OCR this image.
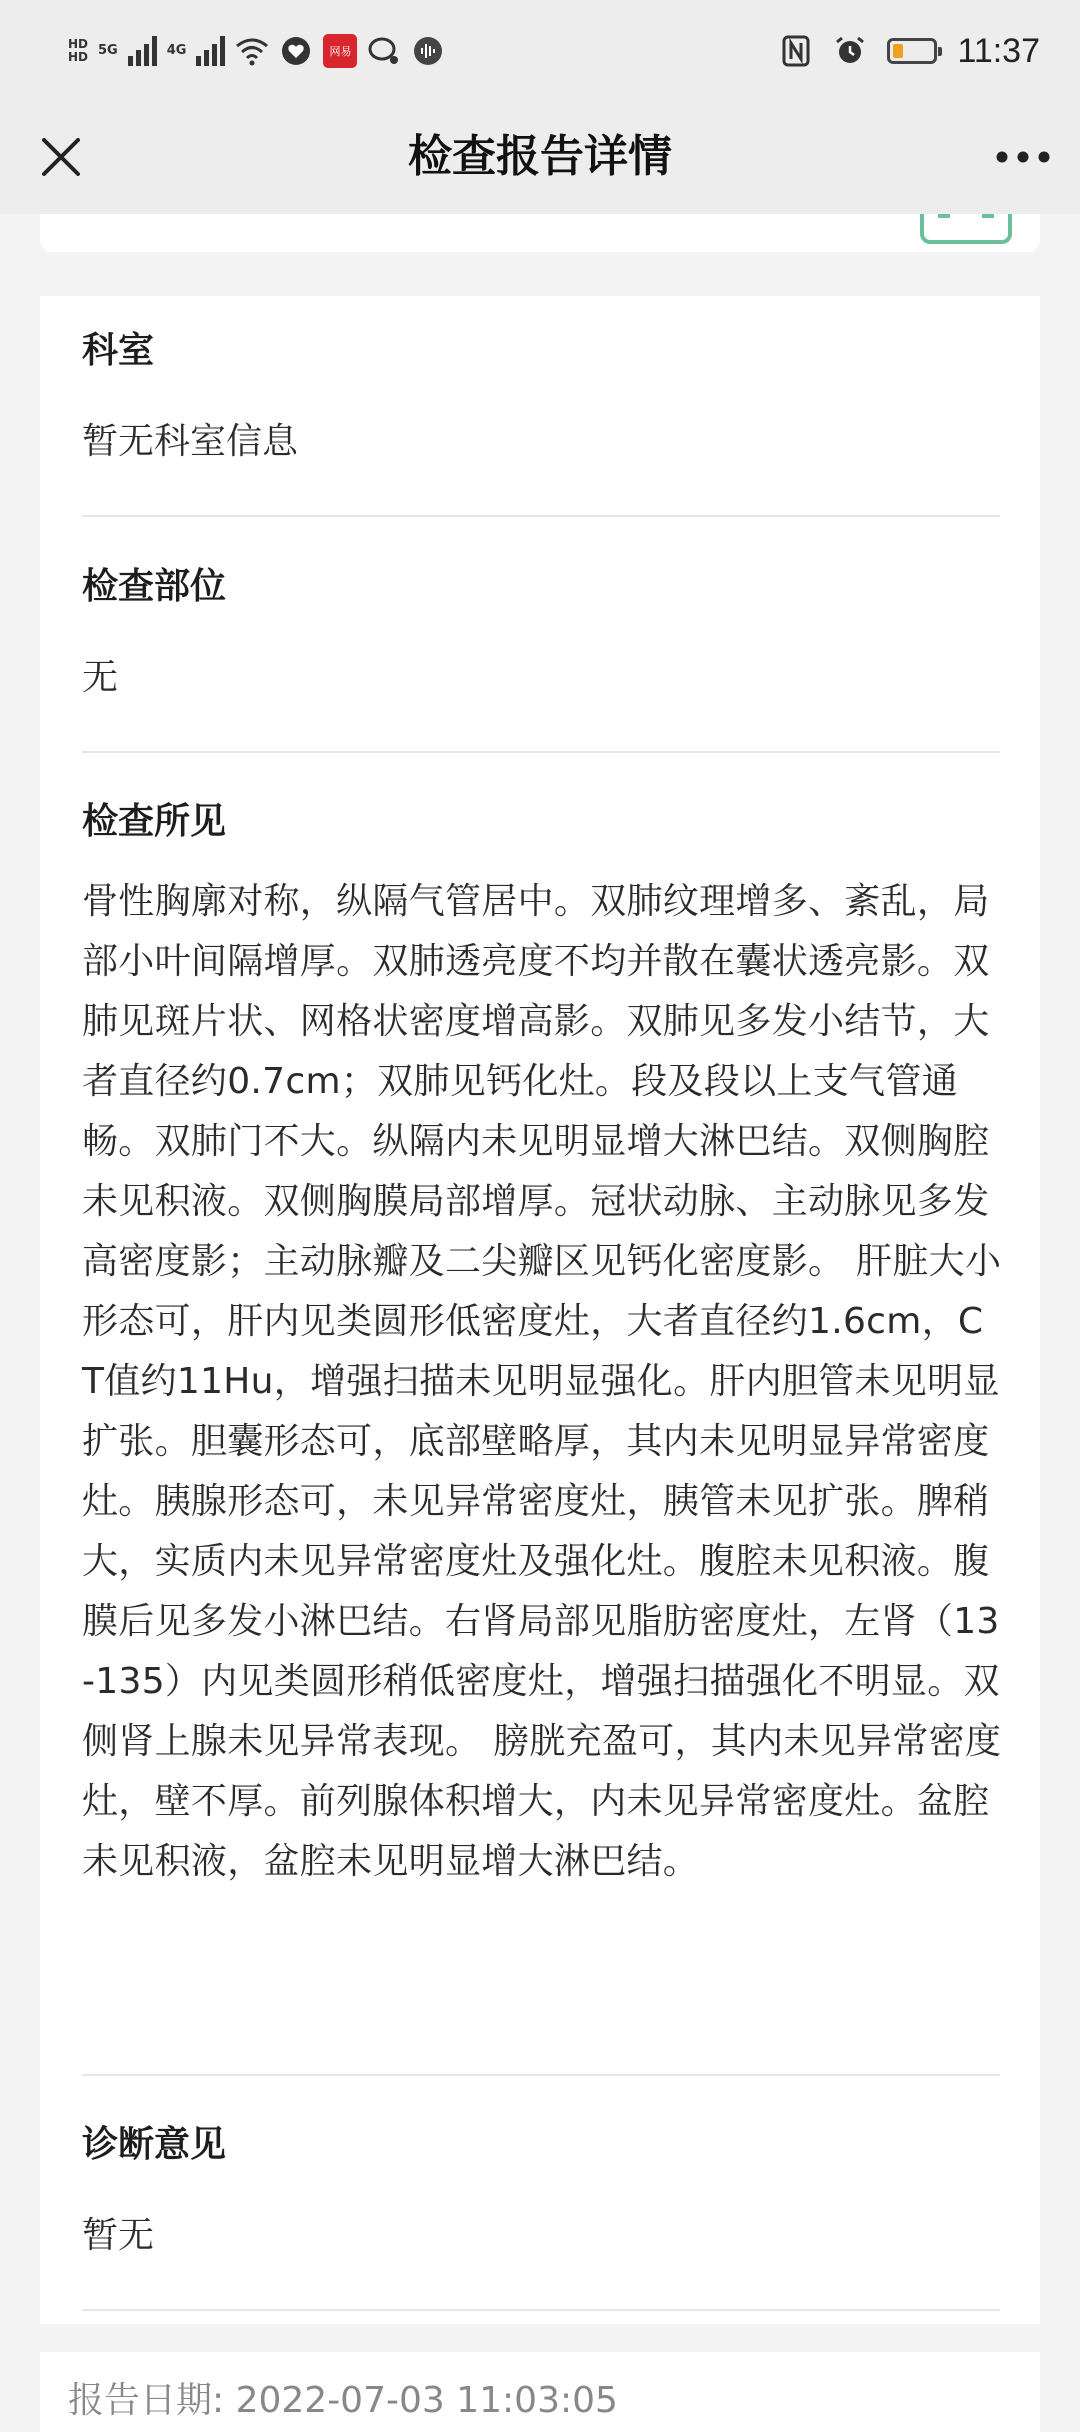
HD
HD 5G	4G	网易	11:37
检查报告详情
科室
暂无科室信息
检查部位
无
检查所见

骨性胸廓对称，纵隔气管居中。双肺纹理增多、紊乱，局部小叶间隔增厚。双肺透亮度不均并散在囊状透亮影。双肺见斑片状、网格状密度增高影。双肺见多发小结节，大者直径约0.7cm；双肺见钙化灶。段及段以上支气管通畅。双肺门不大。纵隔内未见明显增大淋巴结。双侧胸腔未见积液。双侧胸膜局部增厚。冠状动脉、主动脉见多发高密度影；主动脉瓣及二尖瓣区见钙化密度影。 肝脏大小形态可，肝内见类圆形低密度灶，大者直径约1.6cm，CT值约11Hu，增强扫描未见明显强化。肝内胆管未见明显扩张。胆囊形态可，底部壁略厚，其内未见明显异常密度灶。胰腺形态可，未见异常密度灶，胰管未见扩张。脾稍大，实质内未见异常密度灶及强化灶。腹腔未见积液。腹膜后见多发小淋巴结。右肾局部见脂肪密度灶，左肾（13-135）内见类圆形稍低密度灶，增强扫描强化不明显。双侧肾上腺未见异常表现。 膀胱充盈可，其内未见异常密度灶，壁不厚。前列腺体积增大，内未见异常密度灶。盆腔未见积液，盆腔未见明显增大淋巴结。

诊断意见
暂无
报告日期: 2022-07-03 11:03:05
